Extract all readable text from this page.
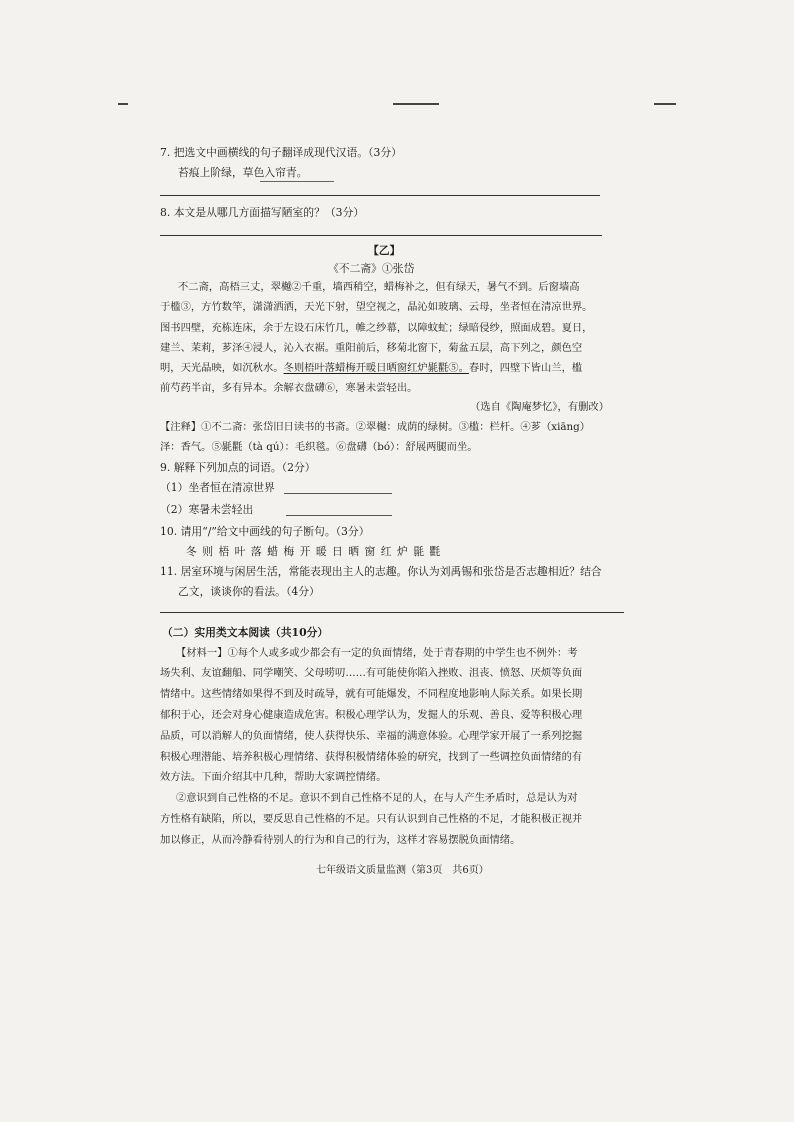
7. 把选文中画横线的句子翻译成现代汉语。（3分）
苔痕上阶绿，草色入帘青。
8. 本文是从哪几方面描写陋室的？（3分）
【乙】
《不二斋》①张岱
不二斋，高梧三丈，翠樾②千重，墙西稍空，蜡梅补之，但有绿天，暑气不到。后窗墙高
于槛③，方竹数竿，潇潇洒洒，天光下射，望空视之，晶沁如玻璃、云母，坐者恒在清凉世界。
图书四壁，充栋连床，余于左设石床竹几，帷之纱幕，以障蚊虻；绿暗侵纱，照面成碧。夏日，
建兰、茉莉，芗泽④浸人，沁入衣裾。重阳前后，移菊北窗下，菊盆五层，高下列之，颜色空
明，天光晶映，如沉秋水。冬则梧叶落蜡梅开暖日晒窗红炉毾氍⑤。春时，四壁下皆山兰，槛
前芍药半亩，多有异本。余解衣盘礴⑥，寒暑未尝轻出。
（选自《陶庵梦忆》，有删改）
【注释】①不二斋：张岱旧日读书的书斋。②翠樾：成荫的绿树。③槛：栏杆。④芗（xiāng）
泽：香气。⑤毾氍（tà qú）：毛织毯。⑥盘礴（bó）：舒展两腿而坐。
9. 解释下列加点的词语。（2分）
（1）坐者恒在清凉世界
（2）寒暑未尝轻出
10. 请用“/”给文中画线的句子断句。（3分）
冬 则 梧 叶 落 蜡 梅 开 暖 日 晒 窗 红 炉 毾 氍
11. 居室环境与闲居生活，常能表现出主人的志趣。你认为刘禹锡和张岱是否志趣相近？结合
乙文，谈谈你的看法。（4分）
（二）实用类文本阅读（共10分）
【材料一】①每个人或多或少都会有一定的负面情绪，处于青春期的中学生也不例外：考
场失利、友谊翻船、同学嘲笑、父母唠叨……有可能使你陷入挫败、沮丧、愤怒、厌烦等负面
情绪中。这些情绪如果得不到及时疏导，就有可能爆发，不同程度地影响人际关系。如果长期
郁积于心，还会对身心健康造成危害。积极心理学认为，发掘人的乐观、善良、爱等积极心理
品质，可以消解人的负面情绪，使人获得快乐、幸福的满意体验。心理学家开展了一系列挖掘
积极心理潜能、培养积极心理情绪、获得积极情绪体验的研究，找到了一些调控负面情绪的有
效方法。下面介绍其中几种，帮助大家调控情绪。
②意识到自己性格的不足。意识不到自己性格不足的人，在与人产生矛盾时，总是认为对
方性格有缺陷，所以，要反思自己性格的不足。只有认识到自己性格的不足，才能积极正视并
加以修正，从而冷静看待别人的行为和自己的行为，这样才容易摆脱负面情绪。
七年级语文质量监测（第3页　共6页）
